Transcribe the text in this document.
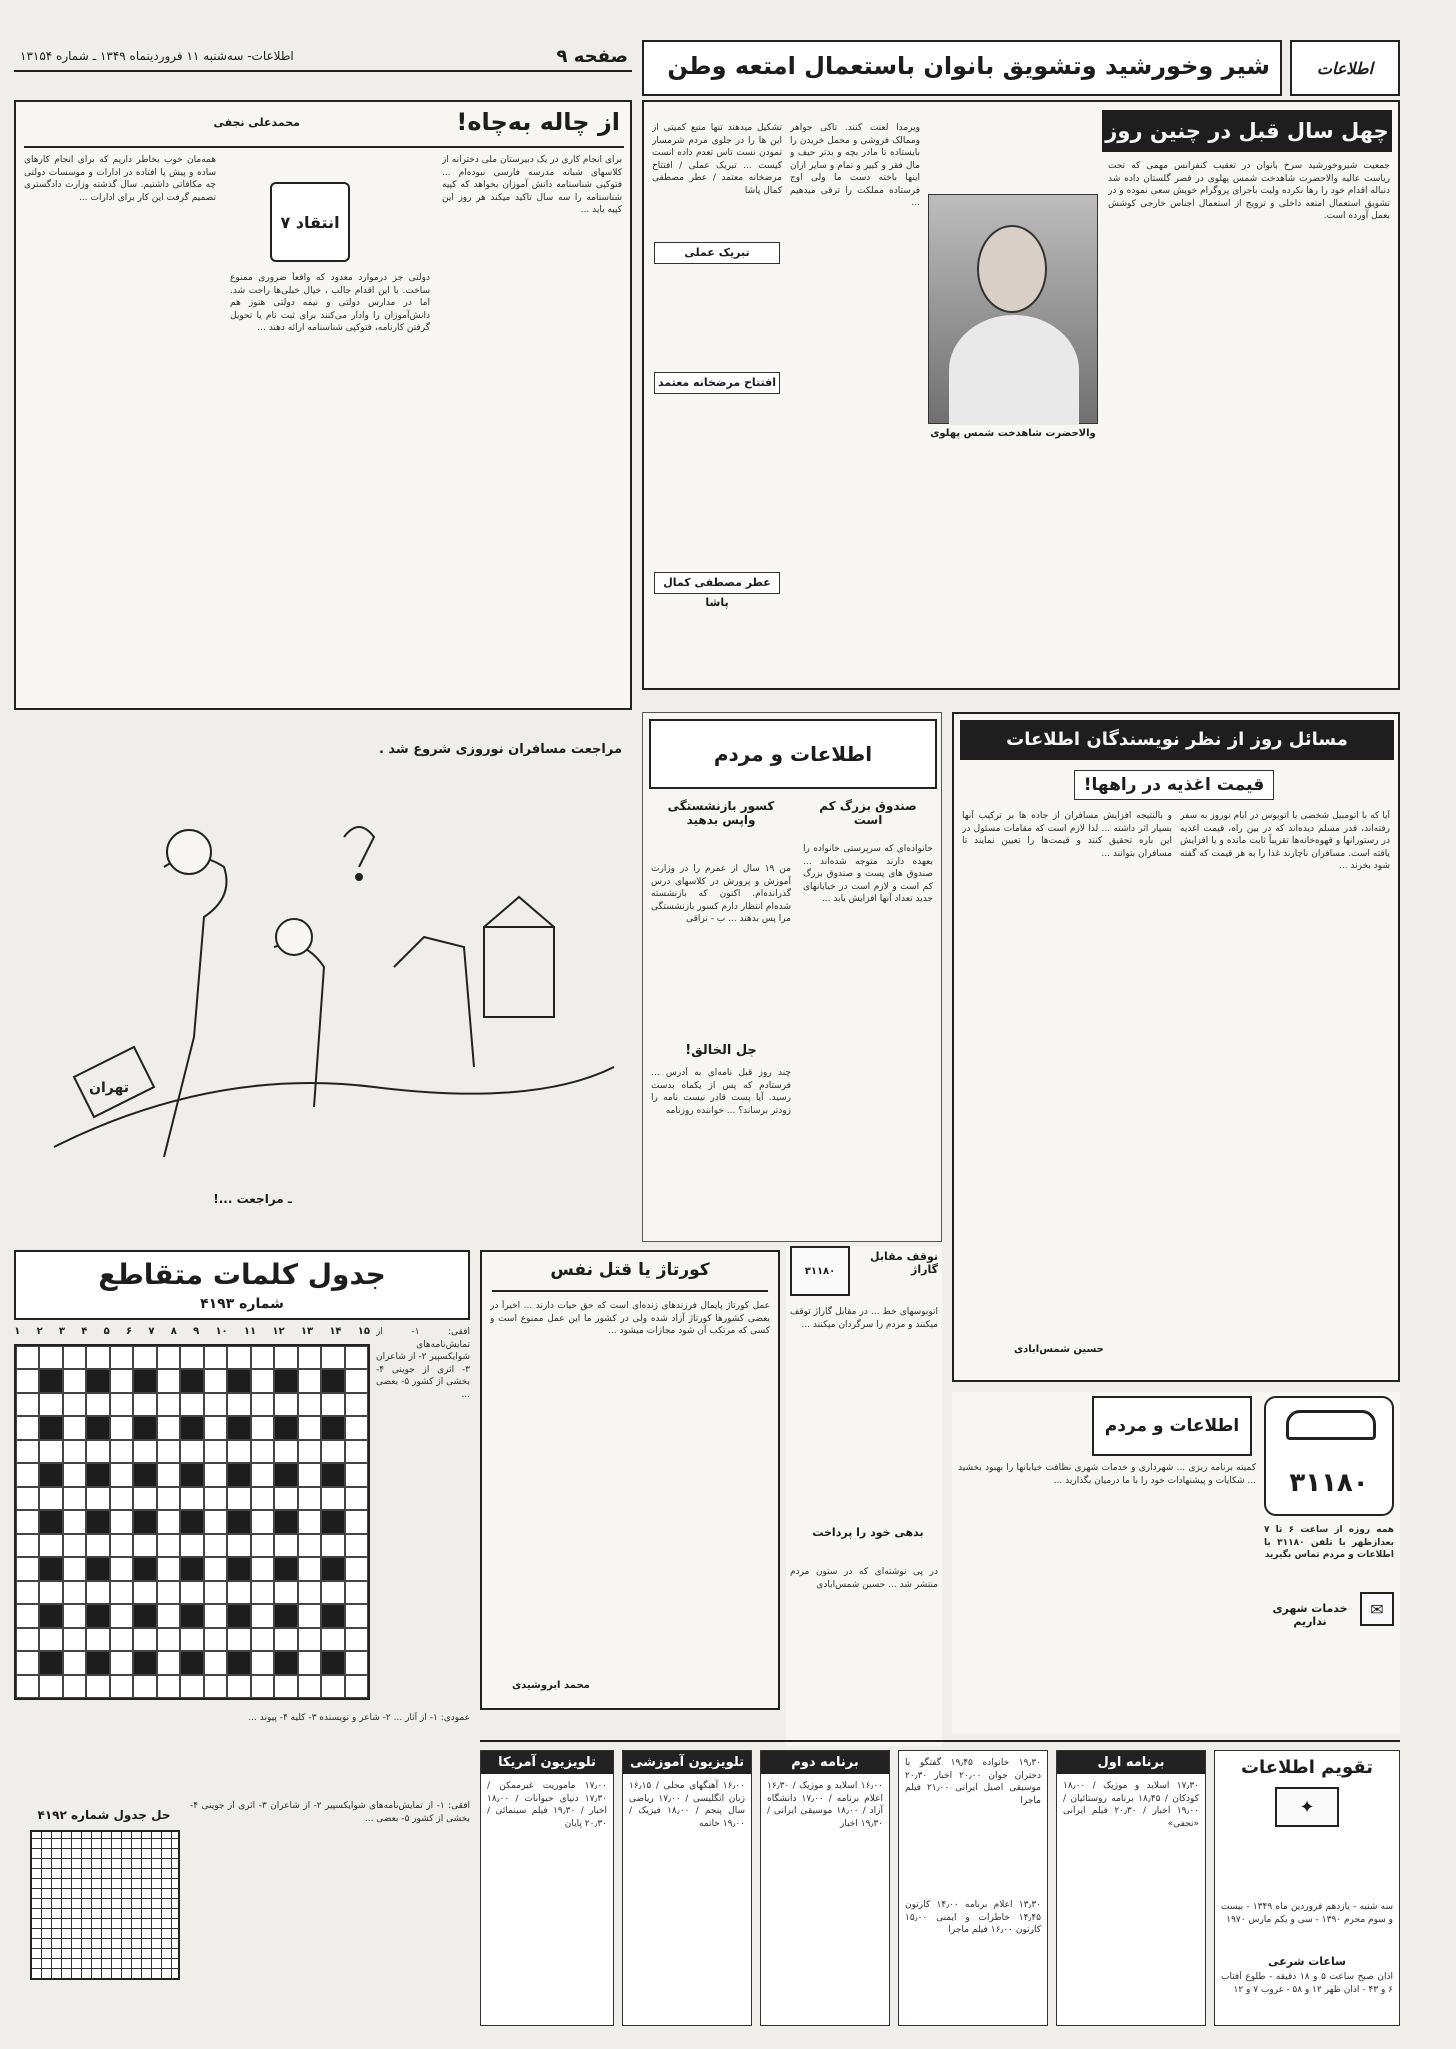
صفحه ۹
اطلاعات- سه‌شنبه ۱۱ فروردینماه ۱۳۴۹ ـ شماره ۱۳۱۵۴	شیر وخورشید وتشویق بانوان باستعمال امتعه وطن	اطلاعات
چهل سال قبل در چنین روز
والاحضرت شاهدخت شمس پهلوی
جمعیت شیروخورشید سرخ بانوان در تعقیب کنفرانس مهمی که تحت ریاست عالیه والاحضرت شاهدخت شمس پهلوی در قصر گلستان داده شد دنباله اقدام خود را رها نکرده ولیت باجرای پروگرام خویش سعی نموده و در تشویق استعمال امتعه داخلی و ترویج از استعمال اجناس خارجی کوشش بعمل آورده است.
ویرمدا لعنت کنند. تاکی جواهر وممالک فروشی و محمل خریدن را بایستاده تا مادر بچه و بدتر حیف و مال فقر و کبیر و تمام و سایر ازان اینها باخته دست ما ولی اوج فرستاده مملکت را ترقی میدهیم ...
تشکیل میدهند تنها منبع کمیتی از این ها را در جلوی مردم شرمسار تمودن نست تاس تعدم داده انست کیست ... تبریک عملی / افتتاح مرضخانه معتمد / عطر مصطفی کمال پاشا
تبریک عملی
افتتاح مرضخانه معتمد
عطر مصطفی کمال پاشا
از چاله به‌چاه!
محمدعلی نجفی
انتقاد ۷
برای انجام کاری در یک دبیرستان ملی دخترانه از کلاسهای شبانه مدرسه فارسی نبوده‌ام ... فتوکپی شناسنامه دانش آموزان بخواهد که کپیه شناسنامه را سه سال تاکید میکند هر روز این کپیه باید ...
دولتی جز درموارد معدود که واقعاً ضروری ممنوع ساخت. با این اقدام جالب ، خیال خیلی‌ها راحت شد. اما در مدارس دولتی و نیمه دولتی هنوز هم دانش‌آموزان را وادار می‌کنند برای ثبت نام یا تحویل گرفتن کارنامه، فتوکپی شناسنامه ارائه دهند ...
همه‌مان خوب بخاطر داریم که برای انجام کارهای ساده و پیش پا افتاده در ادارات و موسسات دولتی چه مکافاتی داشتیم. سال گذشته وزارت دادگستری تصمیم گرفت این کار برای ادارات ...
مراجعت مسافران نوروزی شروع شد .
تهران
ـ مراجعت ...!
اطلاعات و مردم
صندوق بزرگ کم است
خانواده‌ای که سرپرستی خانواده را بعهده دارند متوجه شده‌اند ... صندوق های پست و صندوق بزرگ کم است و لازم است در خیابانهای جدید تعداد آنها افزایش یابد ...
کسور بازنشستگی واپس بدهید
من ۱۹ سال از عمرم را در وزارت آموزش و پرورش در کلاسهای درس گذرانده‌ام. اکنون که بازنشسته شده‌ام انتظار دارم کسور بازنشستگی مرا پس بدهند ... ب - نراقی
جل الخالق!
چند روز قبل نامه‌ای به آدرس ... فرستادم که پس از یکماه بدست رسید. آیا پست قادر نیست نامه را زودتر برساند؟ ... خواننده روزنامه
نوقف مقابل گاراژ
۳۱۱۸۰
اتوبوسهای خط ... در مقابل گاراژ توقف میکنند و مردم را سرگردان میکنند ...
بدهی خود را پرداخت
در پی نوشته‌ای که در ستون مردم منتشر شد ... حسین شمس‌ابادی
مسائل روز از نظر نویسندگان اطلاعات
قیمت اغذیه در راهها!
آیا که با اتومبیل شخصی یا اتوبوس در ایام نوروز به سفر رفته‌اند، قدر مسلم دیده‌اند که در بین راه، قیمت اغذیه در رستورانها و قهوه‌خانه‌ها تقریباً ثابت مانده و یا افزایش یافته است. مسافران ناچارند غذا را به هر قیمت که گفته شود بخرند ...
و بالنتیجه افزایش مسافران از جاده ها بر ترکیب آنها بسیار اثر داشته ... لذا لازم است که مقامات مسئول در این باره تحقیق کنند و قیمت‌ها را تعیین نمایند تا مسافران بتوانند ...
حسین شمس‌ابادی
جدول کلمات متقاطع
شماره ۴۱۹۳
۱۵
۱۴
۱۳
۱۲
۱۱
۱۰
۹
۸
۷
۶
۵
۴
۳
۲
۱	افقی: ۱- از تمایش‌نامه‌های شوایکسپیر ۲- از شاعران ۳- اثری از جوینی ۴- بخشی از کشور ۵- بعضی ...
عمودی: ۱- از آثار ... ۲- شاعر و نویسنده ۳- کلیه ۴- پیوند ...
حل جدول شماره ۴۱۹۲
افقی: ۱- از تمایش‌نامه‌های شوایکسپیر ۲- از شاعران ۳- اثری از جوینی ۴- بخشی از کشور ۵- بعضی ...
کورتاژ یا قتل نفس
عمل کورتاژ پایمال فرزندهای زنده‌ای است که حق حیات دارند ... اخیراً در بعضی کشورها کورتاژ آزاد شده ولی در کشور ما این عمل ممنوع است و کسی که مرتکب آن شود مجازات میشود ...
محمد ابروشیدی
اطلاعات و مردم
۳۱۱۸۰
همه روزه از ساعت ۶ تا ۷ بعدازظهر با تلفن ۳۱۱۸۰ با اطلاعات و مردم تماس بگیرید
کمیته برنامه ریزی ... شهرداری و خدمات شهری نظافت خیابانها را بهبود بخشید ... شکایات و پیشنهادات خود را با ما درمیان بگذارید ...
خدمات شهری نداریم
✉
تقویم اطلاعات
سه شنبه - یازدهم فروردین ماه ۱۳۴۹ - بیست و سوم محرم ۱۳۹۰ - سی و یکم مارس ۱۹۷۰
ساعات شرعی
اذان صبح ساعت ۵ و ۱۸ دقیقه - طلوع آفتاب ۶ و ۴۳ - اذان ظهر ۱۲ و ۵۸ - غروب ۷ و ۱۲
✦
برنامه اول
۱۷٫۳۰ اسلاید و موزیک / ۱۸٫۰۰ کودکان / ۱۸٫۴۵ برنامه روستائیان / ۱۹٫۰۰ اخبار / ۲۰٫۳۰ فیلم ایرانی «نجفی»
۱۹٫۳۰ خانواده ۱۹٫۴۵ گفتگو با دختران جوان ۲۰٫۰۰ اخبار ۲۰٫۳۰ موسیقی اصیل ایرانی ۲۱٫۰۰ فیلم ماجرا
۱۳٫۳۰ اعلام برنامه ۱۴٫۰۰ کارتون ۱۴٫۴۵ خاطرات و ایمنی ۱۵٫۰۰ کارتون ۱۶٫۰۰ فیلم ماجرا
برنامه دوم
۱۶٫۰۰ اسلاید و موزیک / ۱۶٫۳۰ اعلام برنامه / ۱۷٫۰۰ دانشگاه آزاد / ۱۸٫۰۰ موسیقی ایرانی / ۱۹٫۳۰ اخبار
تلویزیون آموزشی
۱۶٫۰۰ آهنگهای محلی / ۱۶٫۱۵ زبان انگلیسی / ۱۷٫۰۰ ریاضی سال پنجم / ۱۸٫۰۰ فیزیک / ۱۹٫۰۰ خاتمه
تلویزیون آمریکا
۱۷٫۰۰ ماموریت غیرممکن / ۱۷٫۳۰ دنیای حیوانات / ۱۸٫۰۰ اخبار / ۱۹٫۳۰ فیلم سینمائی / ۲۰٫۳۰ پایان
